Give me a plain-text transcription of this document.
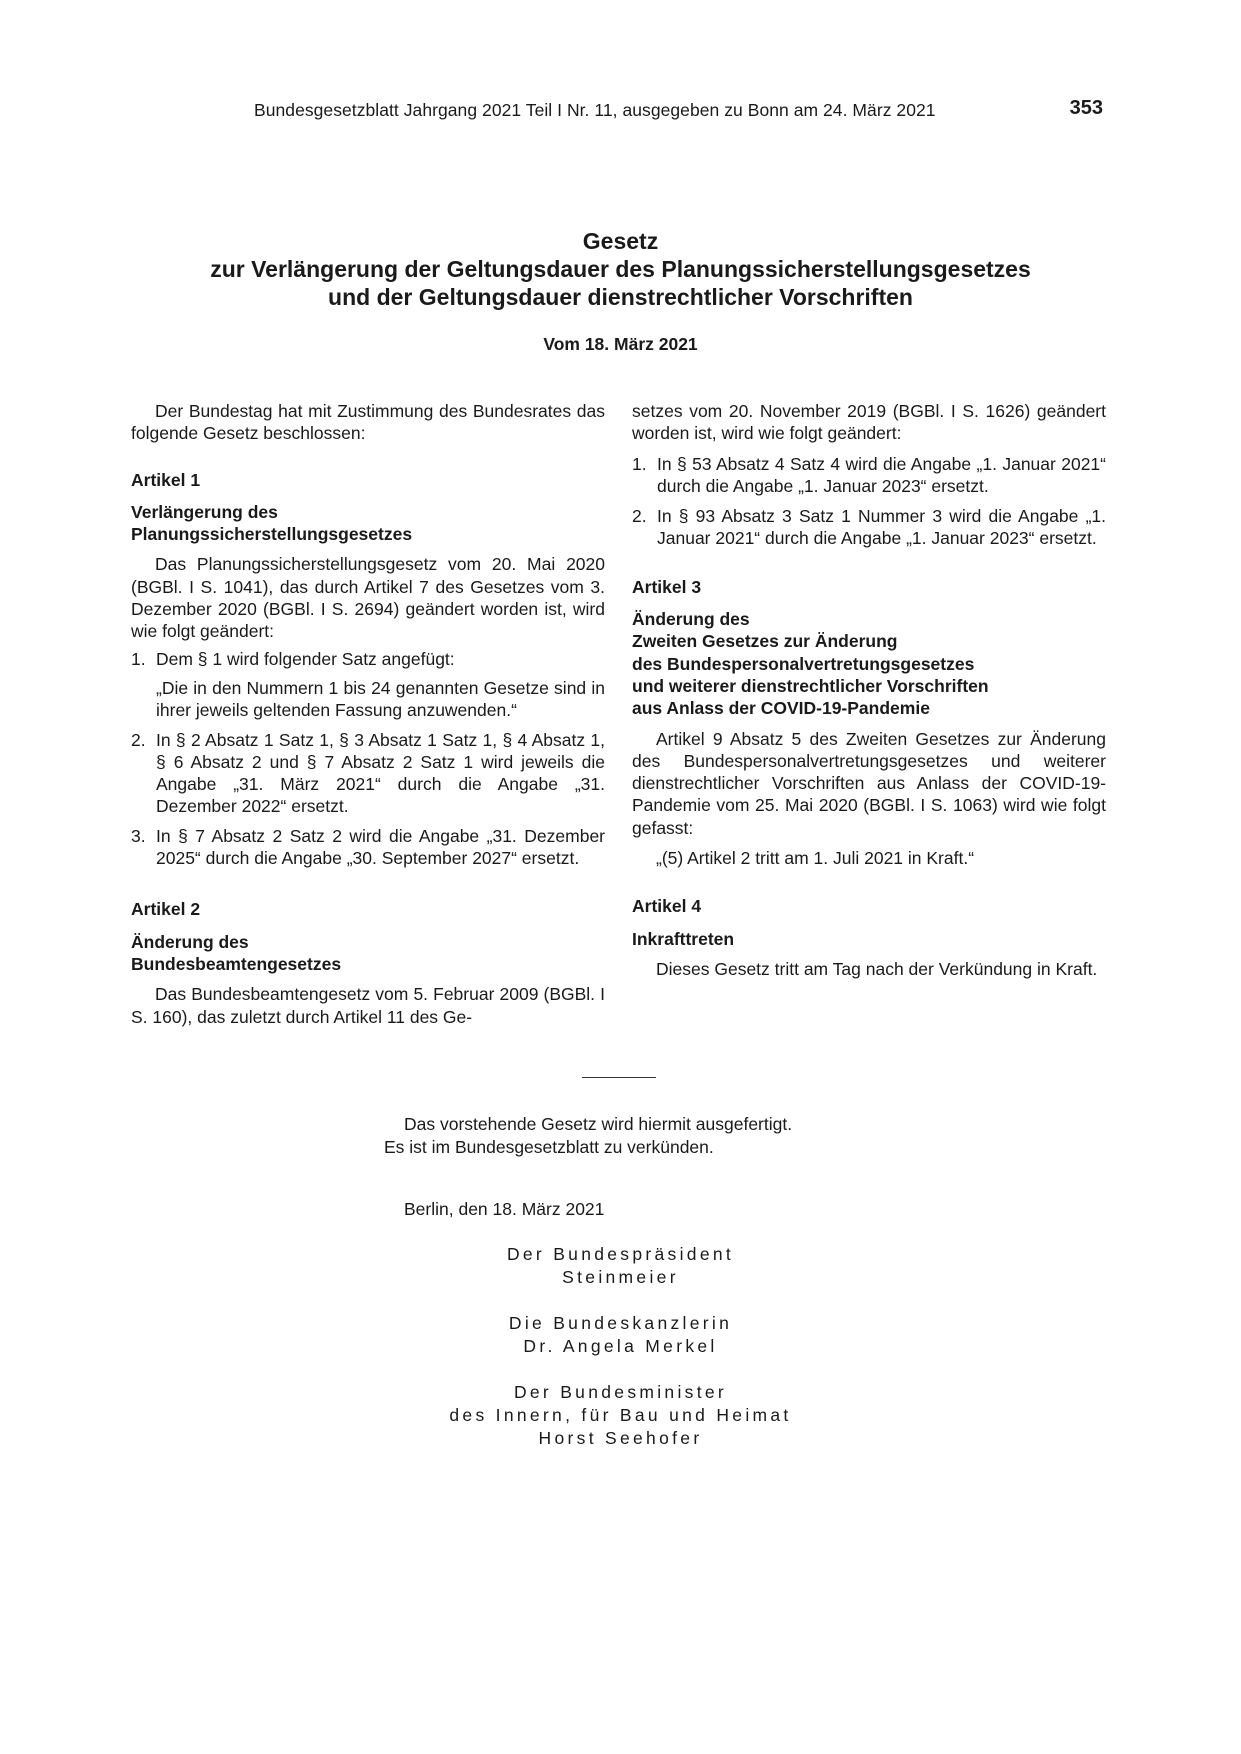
Bundesgesetzblatt Jahrgang 2021 Teil I Nr. 11, ausgegeben zu Bonn am 24. März 2021	353
Gesetz
zur Verlängerung der Geltungsdauer des Planungssicherstellungsgesetzes
und der Geltungsdauer dienstrechtlicher Vorschriften
Vom 18. März 2021

Der Bundestag hat mit Zustimmung des Bundesrates das folgende Gesetz beschlossen:

Artikel 1

Verlängerung des

Planungssicherstellungsgesetzes

Das Planungssicherstellungsgesetz vom 20. Mai 2020 (BGBl. I S. 1041), das durch Artikel 7 des Gesetzes vom 3. Dezember 2020 (BGBl. I S. 2694) geändert worden ist, wird wie folgt geändert:

1. Dem § 1 wird folgender Satz angefügt:

„Die in den Nummern 1 bis 24 genannten Gesetze sind in ihrer jeweils geltenden Fassung anzuwenden.“

2. In § 2 Absatz 1 Satz 1, § 3 Absatz 1 Satz 1, § 4 Absatz 1, § 6 Absatz 2 und § 7 Absatz 2 Satz 1 wird jeweils die Angabe „31. März 2021“ durch die Angabe „31. Dezember 2022“ ersetzt.

3. In § 7 Absatz 2 Satz 2 wird die Angabe „31. Dezember 2025“ durch die Angabe „30. September 2027“ ersetzt.

Artikel 2

Änderung des

Bundesbeamtengesetzes

Das Bundesbeamtengesetz vom 5. Februar 2009 (BGBl. I S. 160), das zuletzt durch Artikel 11 des Ge-

setzes vom 20. November 2019 (BGBl. I S. 1626) geändert worden ist, wird wie folgt geändert:

1. In § 53 Absatz 4 Satz 4 wird die Angabe „1. Januar 2021“ durch die Angabe „1. Januar 2023“ ersetzt.

2. In § 93 Absatz 3 Satz 1 Nummer 3 wird die Angabe „1. Januar 2021“ durch die Angabe „1. Januar 2023“ ersetzt.

Artikel 3

Änderung des

Zweiten Gesetzes zur Änderung

des Bundespersonalvertretungsgesetzes

und weiterer dienstrechtlicher Vorschriften

aus Anlass der COVID-19-Pandemie

Artikel 9 Absatz 5 des Zweiten Gesetzes zur Änderung des Bundespersonalvertretungsgesetzes und weiterer dienstrechtlicher Vorschriften aus Anlass der COVID-19-Pandemie vom 25. Mai 2020 (BGBl. I S. 1063) wird wie folgt gefasst:

„(5) Artikel 2 tritt am 1. Juli 2021 in Kraft.“

Artikel 4

Inkrafttreten

Dieses Gesetz tritt am Tag nach der Verkündung in Kraft.

Das vorstehende Gesetz wird hiermit ausgefertigt.
Es ist im Bundesgesetzblatt zu verkünden.
Berlin, den 18. März 2021
Der Bundespräsident
Steinmeier
Die Bundeskanzlerin
Dr. Angela Merkel
Der Bundesminister
des Innern, für Bau und Heimat
Horst Seehofer
